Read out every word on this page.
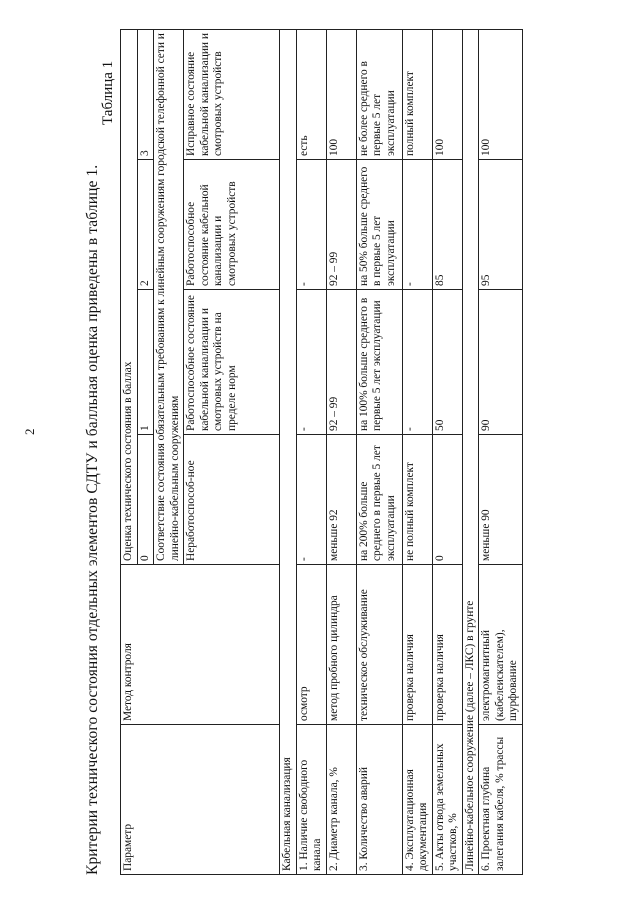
2	Критерии технического состояния отдельных элементов СДТУ и балльная оценка приведены в таблице 1.
Таблица 1
Параметр	Метод контроля	Оценка технического состояния в баллах			
		0	1	2	3
		Соответствие состояния обязательным требованиям к линейным сооружениям городской телефонной сети и линейно-кабельным сооружениям			
		Неработоспособ-ное	Работоспособное состояние кабельной канализации и смотровых устройств на пределе норм	Работоспособное состояние кабельной канализации и смотровых устройств	Исправное состояние кабельной канализации и смотровых устройств
Кабельная канализация					
1. Наличие свободного канала	осмотр	-	-	-	есть
2. Диаметр канала, %	метод пробного цилиндра	меньше 92	92 – 99	92 – 99	100
3. Количество аварий	техническое обслуживание	на 200% больше среднего в первые 5 лет эксплуатации	на 100% больше среднего в первые 5 лет эксплуатации	на 50% больше среднего в первые 5 лет эксплуатации	не более среднего в первые 5 лет эксплуатации
4. Эксплуатационная документация	проверка наличия	не полный комплект	-	-	полный комплект
5. Акты отвода земельных участков, %	проверка наличия	0	50	85	100
Линейно-кабельное сооружение (далее – ЛКС) в грунте					
6. Проектная глубина залегания кабеля, % трассы	электромагнитный (кабелеискателем), шурфование	меньше 90	90	95	100
